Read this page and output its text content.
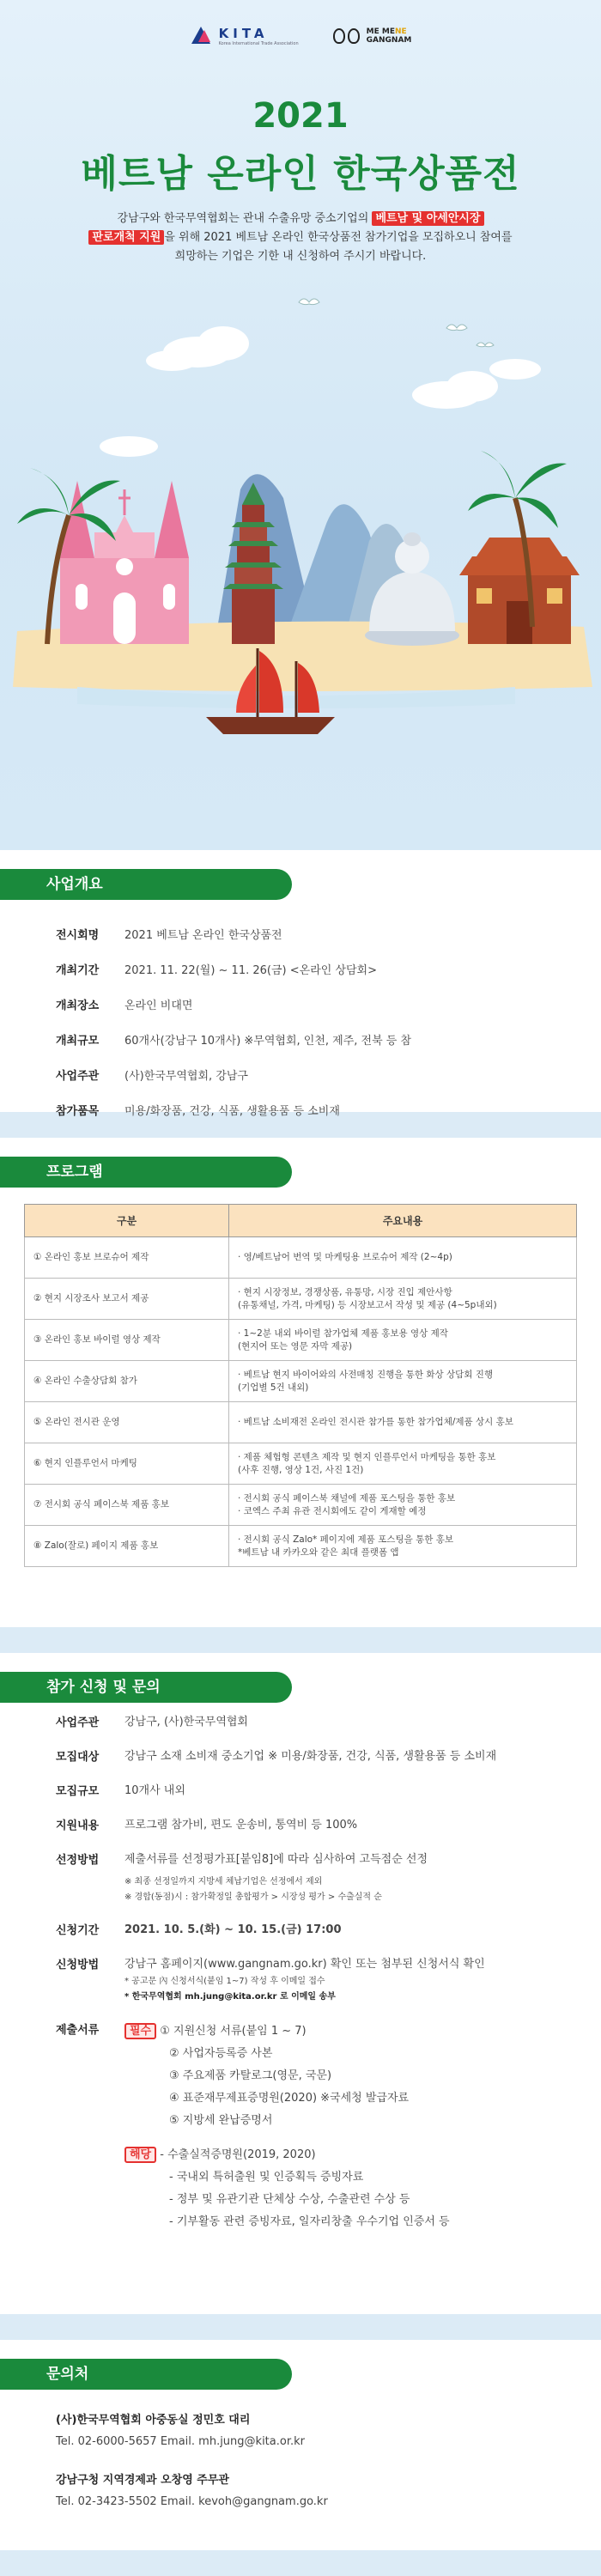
KITA
Korea International Trade Association
ME MENE
GANGNAM
2021
베트남 온라인 한국상품전
강남구와 한국무역협회는 관내 수출유망 중소기업의 베트남 및 아세안시장
판로개척 지원 을 위해 2021 베트남 온라인 한국상품전 참가기업을 모집하오니 참여를
희망하는 기업은 기한 내 신청하여 주시기 바랍니다.
사업개요
전시회명	2021 베트남 온라인 한국상품전
개최기간	2021. 11. 22(월) ~ 11. 26(금) <온라인 상담회>
개최장소	온라인 비대면
개최규모	60개사(강남구 10개사) ※무역협회, 인천, 제주, 전북 등 참
사업주관	(사)한국무역협회, 강남구
참가품목	미용/화장품, 건강, 식품, 생활용품 등 소비재
프로그램
구분	주요내용
① 온라인 홍보 브로슈어 제작	· 영/베트남어 번역 및 마케팅용 브로슈어 제작 (2~4p)

② 현지 시장조사 보고서 제공	· 현지 시장정보, 경쟁상품, 유통망, 시장 진입 제안사항
(유통채널, 가격, 마케팅) 등 시장보고서 작성 및 제공 (4~5p내외)

③ 온라인 홍보 바이럴 영상 제작	· 1~2분 내외 바이럴 참가업체 제품 홍보용 영상 제작
(현지어 또는 영문 자막 제공)

④ 온라인 수출상담회 참가	· 베트남 현지 바이어와의 사전매칭 진행을 통한 화상 상담회 진행
(기업별 5건 내외)

⑤ 온라인 전시관 운영	· 베트남 소비재전 온라인 전시관 참가를 통한 참가업체/제품 상시 홍보

⑥ 현지 인플루언서 마케팅	· 제품 체험형 콘텐츠 제작 및 현지 인플루언서 마케팅을 통한 홍보
(사후 진행, 영상 1건, 사진 1건)

⑦ 전시회 공식 페이스북 제품 홍보	· 전시회 공식 페이스북 채널에 제품 포스팅을 통한 홍보
· 코엑스 주최 유관 전시회에도 같이 게재할 예정

⑧ Zalo(잘로) 페이지 제품 홍보	· 전시회 공식 Zalo* 페이지에 제품 포스팅을 통한 홍보
*베트남 내 카카오와 같은 최대 플랫폼 앱
참가 신청 및 문의
사업주관	강남구, (사)한국무역협회
모집대상	강남구 소재 소비재 중소기업 ※ 미용/화장품, 건강, 식품, 생활용품 등 소비재
모집규모	10개사 내외
지원내용	프로그램 참가비, 편도 운송비, 통역비 등 100%
선정방법	제출서류를 선정평가표[붙임8]에 따라 심사하여 고득점순 선정
※ 최종 선정일까지 지방세 체납기업은 선정에서 제외
※ 경합(동점)시 : 참가확정일 총합평가 > 시장성 평가 > 수출실적 순
신청기간	2021. 10. 5.(화) ~ 10. 15.(금) 17:00
신청방법	강남구 홈페이지(www.gangnam.go.kr) 확인 또는 첨부된 신청서식 확인
* 공고문 內 신청서식(붙임 1~7) 작성 후 이메일 접수
* 한국무역협회 mh.jung@kita.or.kr 로 이메일 송부
제출서류	필수 ① 지원신청 서류(붙임 1 ~ 7)
② 사업자등록증 사본
③ 주요제품 카탈로그(영문, 국문)
④ 표준재무제표증명원(2020) ※국세청 발급자료
⑤ 지방세 완납증명서
해당 - 수출실적증명원(2019, 2020)
- 국내외 특허출원 및 인증획득 증빙자료
- 정부 및 유관기관 단체상 수상, 수출관련 수상 등
- 기부활동 관련 증빙자료, 일자리창출 우수기업 인증서 등
문의처
(사)한국무역협회 아중동실 정민호 대리
Tel. 02-6000-5657 Email. mh.jung@kita.or.kr
강남구청 지역경제과 오창영 주무관
Tel. 02-3423-5502 Email. kevoh@gangnam.go.kr
